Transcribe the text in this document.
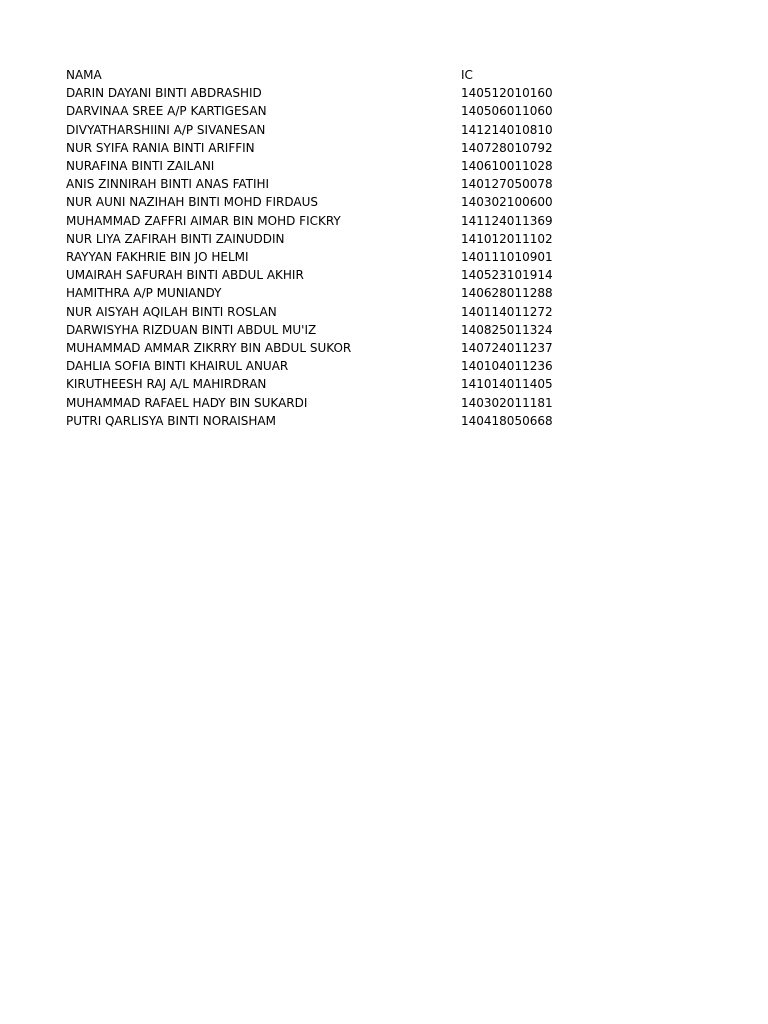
NAMA	IC
DARIN DAYANI BINTI ABDRASHID	140512010160
DARVINAA SREE A/P KARTIGESAN	140506011060
DIVYATHARSHIINI A/P SIVANESAN	141214010810
NUR SYIFA RANIA BINTI ARIFFIN	140728010792
NURAFINA BINTI ZAILANI	140610011028
ANIS ZINNIRAH BINTI ANAS FATIHI	140127050078
NUR AUNI NAZIHAH BINTI MOHD FIRDAUS	140302100600
MUHAMMAD ZAFFRI AIMAR BIN MOHD FICKRY	141124011369
NUR LIYA ZAFIRAH BINTI ZAINUDDIN	141012011102
RAYYAN FAKHRIE BIN JO HELMI	140111010901
UMAIRAH SAFURAH BINTI ABDUL AKHIR	140523101914
HAMITHRA A/P MUNIANDY	140628011288
NUR AISYAH AQILAH BINTI ROSLAN	140114011272
DARWISYHA RIZDUAN BINTI ABDUL MU'IZ	140825011324
MUHAMMAD AMMAR ZIKRRY BIN ABDUL SUKOR	140724011237
DAHLIA SOFIA BINTI KHAIRUL ANUAR	140104011236
KIRUTHEESH RAJ A/L MAHIRDRAN	141014011405
MUHAMMAD RAFAEL HADY BIN SUKARDI	140302011181
PUTRI QARLISYA BINTI NORAISHAM	140418050668
